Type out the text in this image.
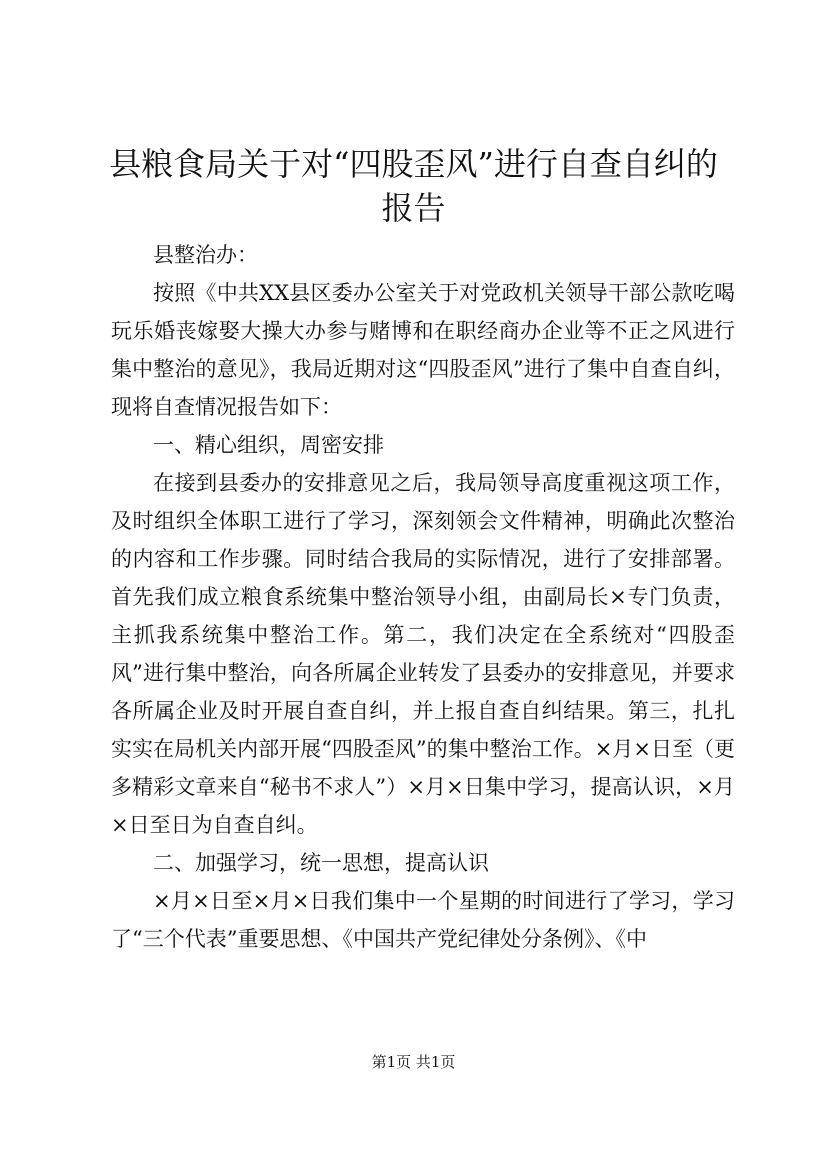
县粮食局关于对“四股歪风”进行自查自纠的
报告

县整治办：

按照《中共XX县区委办公室关于对党政机关领导干部公款吃喝玩乐婚丧嫁娶大操大办参与赌博和在职经商办企业等不正之风进行集中整治的意见》，我局近期对这“四股歪风”进行了集中自查自纠，现将自查情况报告如下：

一、精心组织，周密安排

在接到县委办的安排意见之后，我局领导高度重视这项工作，及时组织全体职工进行了学习，深刻领会文件精神，明确此次整治的内容和工作步骤。同时结合我局的实际情况，进行了安排部署。首先我们成立粮食系统集中整治领导小组，由副局长×专门负责，主抓我系统集中整治工作。第二，我们决定在全系统对“四股歪风”进行集中整治，向各所属企业转发了县委办的安排意见，并要求各所属企业及时开展自查自纠，并上报自查自纠结果。第三，扎扎实实在局机关内部开展“四股歪风”的集中整治工作。×月×日至（更多精彩文章来自“秘书不求人”）×月×日集中学习，提高认识，×月×日至日为自查自纠。

二、加强学习，统一思想，提高认识

×月×日至×月×日我们集中一个星期的时间进行了学习，学习了“三个代表”重要思想、《中国共产党纪律处分条例》、《中

第1页 共1页
